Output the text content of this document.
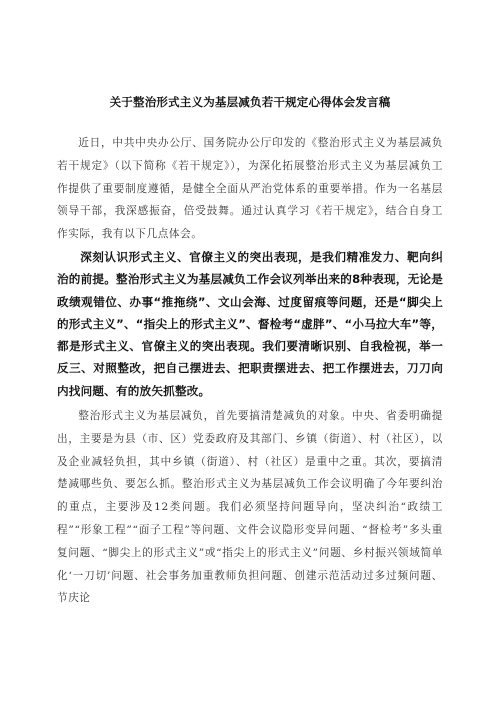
关于整治形式主义为基层减负若干规定心得体会发言稿

近日，中共中央办公厅、国务院办公厅印发的《整治形式主义为基层减负若干规定》（以下简称《若干规定》），为深化拓展整治形式主义为基层减负工作提供了重要制度遵循，是健全全面从严治党体系的重要举措。作为一名基层领导干部，我深感振奋，倍受鼓舞。通过认真学习《若干规定》，结合自身工作实际，我有以下几点体会。

深刻认识形式主义、官僚主义的突出表现，是我们精准发力、靶向纠治的前提。整治形式主义为基层减负工作会议列举出来的8种表现，无论是政绩观错位、办事“推拖绕”、文山会海、过度留痕等问题，还是“脚尖上的形式主义”、“指尖上的形式主义”、督检考“虚胖”、“小马拉大车”等，都是形式主义、官僚主义的突出表现。我们要清晰识别、自我检视，举一反三、对照整改，把自己摆进去、把职责摆进去、把工作摆进去，刀刀向内找问题、有的放矢抓整改。

整治形式主义为基层减负，首先要搞清楚减负的对象。中央、省委明确提出，主要是为县（市、区）党委政府及其部门、乡镇（街道）、村（社区），以及企业减轻负担，其中乡镇（街道）、村（社区）是重中之重。其次，要搞清楚减哪些负、要怎么抓。整治形式主义为基层减负工作会议明确了今年要纠治的重点，主要涉及12类问题。我们必须坚持问题导向，坚决纠治“政绩工程”“形象工程”“面子工程”等问题、文件会议隐形变异问题、“督检考”多头重复问题、“脚尖上的形式主义”或“指尖上的形式主义”问题、乡村振兴领域简单化‘一刀切’问题、社会事务加重教师负担问题、创建示范活动过多过频问题、节庆论
